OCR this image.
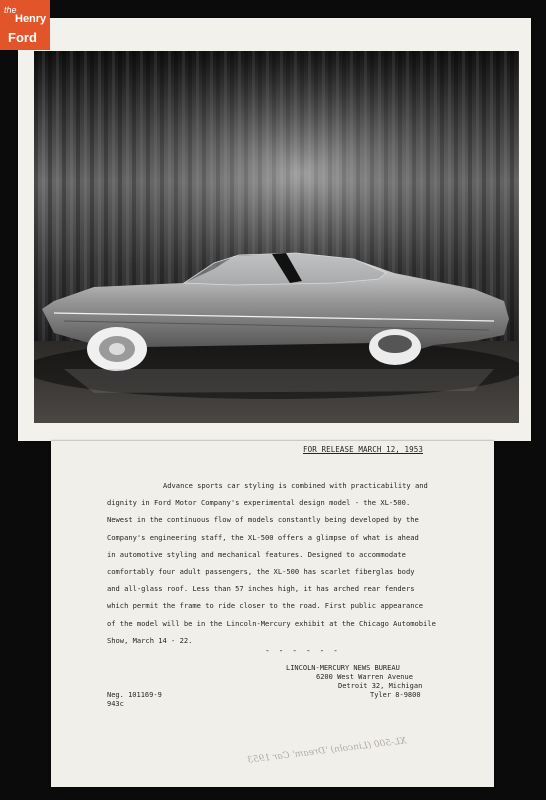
the
Henry
Ford
FOR RELEASE MARCH 12, 1953
Advance sports car styling is combined with practicability and
dignity in Ford Motor Company's experimental design model - the XL-500.
Newest in the continuous flow of models constantly being developed by the
Company's engineering staff, the XL-500 offers a glimpse of what is ahead
in automotive styling and mechanical features. Designed to accommodate
comfortably four adult passengers, the XL-500 has scarlet fiberglas body
and all-glass roof. Less than 57 inches high, it has arched rear fenders
which permit the frame to ride closer to the road. First public appearance
of the model will be in the Lincoln-Mercury exhibit at the Chicago Automobile
Show, March 14 - 22.
- - - - - -
LINCOLN-MERCURY NEWS BUREAU
6200 West Warren Avenue
Detroit 32, Michigan
Tyler 8-9800
Neg. 101169-9
943c
XL-500 (Lincoln) 'Dream' Car 1953
